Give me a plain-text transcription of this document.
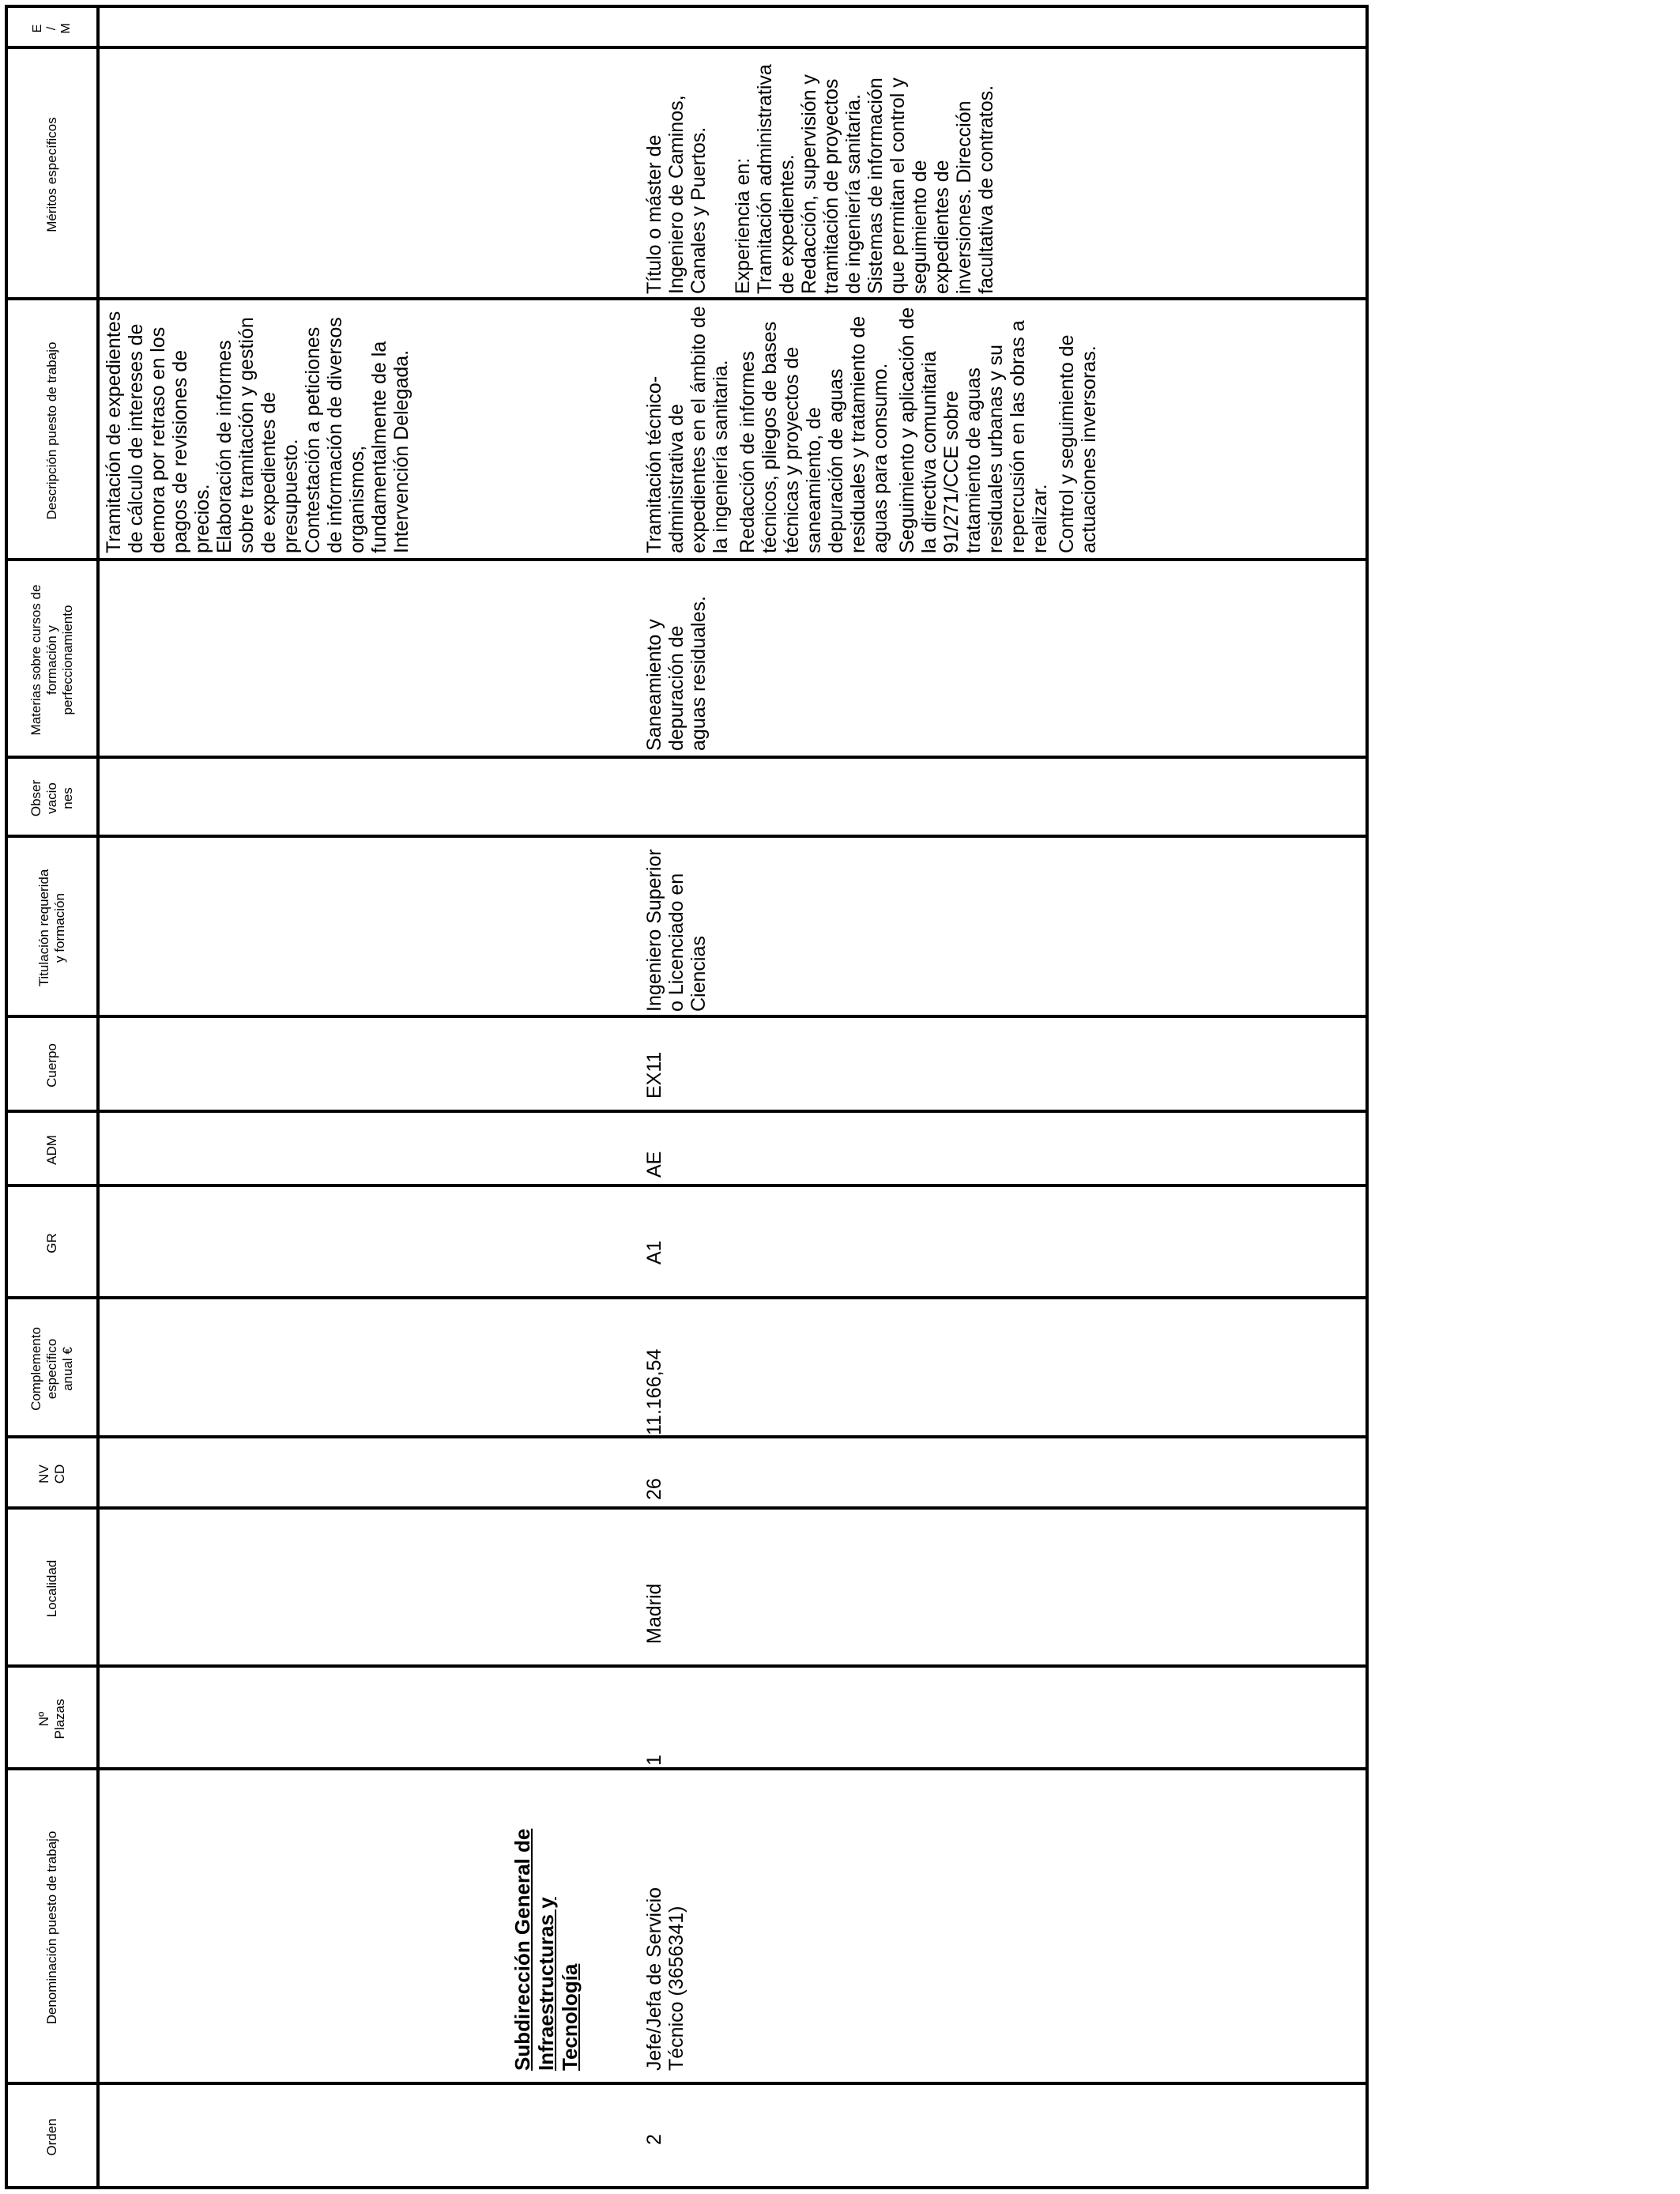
Orden
Denominación puesto de trabajo
Nº
Plazas
Localidad
NV
CD
Complemento
específico
anual €
GR
ADM
Cuerpo
Titulación requerida
y formación
Obser
vacio
nes
Materias sobre cursos de
formación y
perfeccionamiento
Descripción puesto de trabajo
Méritos específicos
E
/
M

Tramitación de expedientes de cálculo de intereses de demora por retraso en los pagos de revisiones de precios. Elaboración de informes sobre tramitación y gestión de expedientes de presupuesto. Contestación a peticiones de información de diversos organismos, fundamentalmente de la Intervención Delegada.

Subdirección General de Infraestructuras y Tecnología
2
Jefe/Jefa de Servicio Técnico (3656341)
1
Madrid
26
11.166,54
A1
AE
EX11
Ingeniero Superior o Licenciado en Ciencias
Saneamiento y depuración de aguas residuales.

Tramitación técnico-administrativa de expedientes en el ámbito de la ingeniería sanitaria. Redacción de informes técnicos, pliegos de bases técnicas y proyectos de saneamiento, de depuración de aguas residuales y tratamiento de aguas para consumo. Seguimiento y aplicación de la directiva comunitaria 91/271/CCE sobre tratamiento de aguas residuales urbanas y su repercusión en las obras a realizar. Control y seguimiento de actuaciones inversoras.

Título o máster de Ingeniero de Caminos, Canales y Puertos. Experiencia en: Tramitación administrativa de expedientes. Redacción, supervisión y tramitación de proyectos de ingeniería sanitaria. Sistemas de información que permitan el control y seguimiento de expedientes de inversiones. Dirección facultativa de contratos.
